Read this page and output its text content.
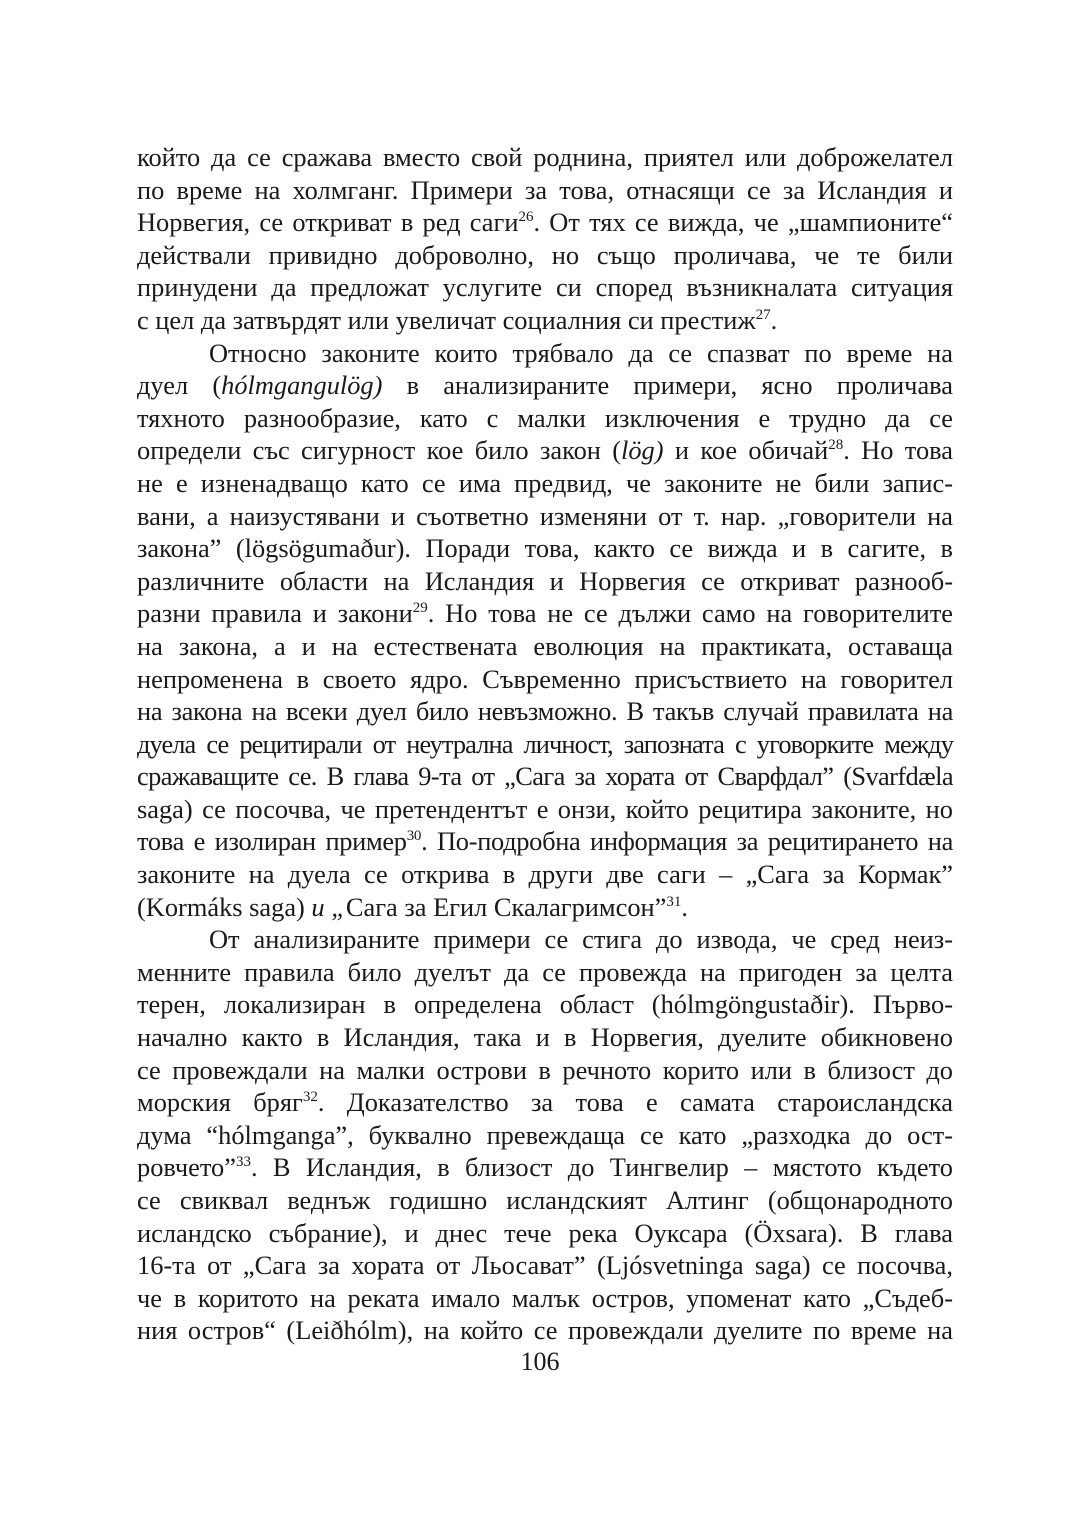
който да се сражава вместо свой роднина, приятел или доброжелател
по време на холмганг. Примери за това, отнасящи се за Исландия и
Норвегия, се откриват в ред саги$^{26}$. От тях се вижда, че „шампионите“
действали привидно доброволно, но също проличава, че те били
принудени да предложат услугите си според възникналата ситуация
с цел да затвърдят или увеличат социалния си престиж$^{27}$.
Относно законите които трябвало да се спазват по време на
дуел (hólmgangulög) в анализираните примери, ясно проличава
тяхното разнообразие, като с малки изключения е трудно да се
определи със сигурност кое било закон (lög) и кое обичай$^{28}$. Но това
не е изненадващо като се има предвид, че законите не били запис-
вани, а наизустявани и съответно изменяни от т. нар. „говорители на
закона” (lögsögumaður). Поради това, както се вижда и в сагите, в
различните области на Исландия и Норвегия се откриват разнооб-
разни правила и закони$^{29}$. Но това не се дължи само на говорителите
на закона, а и на естествената еволюция на практиката, оставаща
непроменена в своето ядро. Съвременно присъствието на говорител
на закона на всеки дуел било невъзможно. В такъв случай правилата на
дуела се рецитирали от неутрална личност, запозната с уговорките между
сражаващите се. В глава 9-та от „Сага за хората от Сварфдал” (Svarfdæla
saga) се посочва, че претендентът е онзи, който рецитира законите, но
това е изолиран пример$^{30}$. По-подробна информация за рецитирането на
законите на дуела се открива в други две саги – „Сага за Кормак”
(Kormáks saga) и „Сага за Егил Скалагримсон”$^{31}$.
От анализираните примери се стига до извода, че сред неиз-
менните правила било дуелът да се провежда на пригоден за целта
терен, локализиран в определена област (hólmgöngustaðir). Първо-
начално както в Исландия, така и в Норвегия, дуелите обикновено
се провеждали на малки острови в речното корито или в близост до
морския бряг$^{32}$. Доказателство за това е самата староисландска
дума “hólmganga”, буквално превеждаща се като „разходка до ост-
ровчето”$^{33}$. В Исландия, в близост до Тингвелир – мястото където
се свиквал веднъж годишно исландският Алтинг (общонародното
исландско събрание), и днес тече река Оуксара (Öxsara). В глава
16-та от „Сага за хората от Льосават” (Ljósvetninga saga) се посочва,
че в коритото на реката имало малък остров, упоменат като „Съдеб-
ния остров“ (Leiðhólm), на който се провеждали дуелите по време на
106
